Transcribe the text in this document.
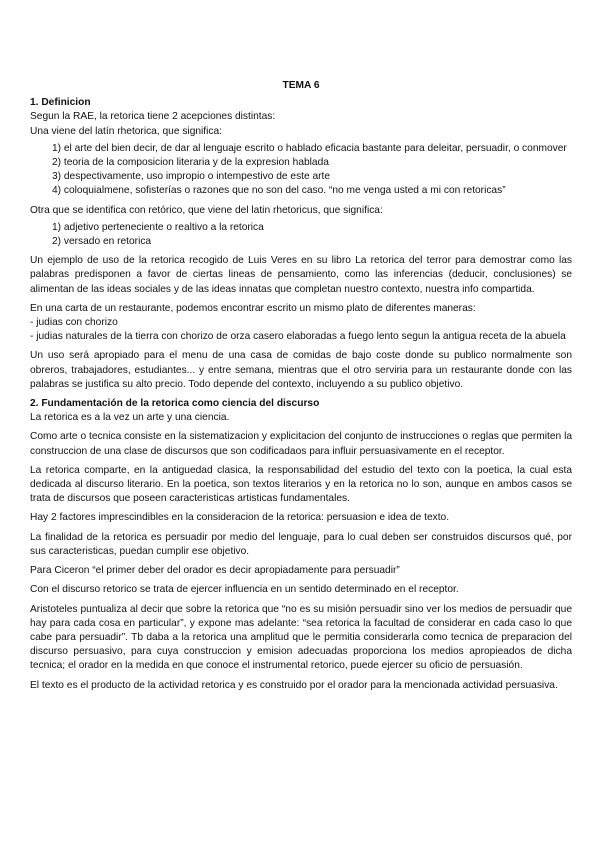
TEMA 6
1. Definicion

Segun la RAE, la retorica tiene 2 acepciones distintas:

Una viene del latín rhetorica, que significa:

1) el arte del bien decir, de dar al lenguaje escrito o hablado eficacia bastante para deleitar, persuadir, o conmover
2) teoria de la composicion literaria y de la expresion hablada
3) despectivamente, uso impropio o intempestivo de este arte
4) coloquialmene, sofisterías o razones que no son del caso. “no me venga usted a mi con retoricas”

Otra que se identifica con retórico, que viene del latin rhetoricus, que significa:

1) adjetivo perteneciente o realtivo a la retorica
2) versado en retorica

Un ejemplo de uso de la retorica recogido de Luis Veres en su libro La retorica del terror para demostrar como las palabras predisponen a favor de ciertas lineas de pensamiento, como las inferencias (deducir, conclusiones) se alimentan de las ideas sociales y de las ideas innatas que completan nuestro contexto, nuestra info compartida.

En una carta de un restaurante, podemos encontrar escrito un mismo plato de diferentes maneras:

- judias con chorizo

- judias naturales de la tierra con chorizo de orza casero elaboradas a fuego lento segun la antigua receta de la abuela

Un uso será apropiado para el menu de una casa de comidas de bajo coste donde su publico normalmente son obreros, trabajadores, estudiantes... y entre semana, mientras que el otro serviria para un restaurante donde con las palabras se justifica su alto precio. Todo depende del contexto, incluyendo a su publico objetivo.

2. Fundamentación de la retorica como ciencia del discurso

La retorica es a la vez un arte y una ciencia.

Como arte o tecnica consiste en la sistematizacion y explicitacion del conjunto de instrucciones o reglas que permiten la construccion de una clase de discursos que son codificadaos para influir persuasivamente en el receptor.

La retorica comparte, en la antiguedad clasica, la responsabilidad del estudio del texto con la poetica, la cual esta dedicada al discurso literario. En la poetica, son textos literarios y en la retorica no lo son, aunque en ambos casos se trata de discursos que poseen caracteristicas artisticas fundamentales.

Hay 2 factores imprescindibles en la consideracion de la retorica: persuasion e idea de texto.

La finalidad de la retorica es persuadir por medio del lenguaje, para lo cual deben ser construidos discursos qué, por sus caracteristicas, puedan cumplir ese objetivo.

Para Ciceron “el primer deber del orador es decir apropiadamente para persuadir”

Con el discurso retorico se trata de ejercer influencia en un sentido determinado en el receptor.

Aristoteles puntualiza al decir que sobre la retorica que “no es su misión persuadir sino ver los medios de persuadir que hay para cada cosa en particular”, y expone mas adelante: “sea retorica la facultad de considerar en cada caso lo que cabe para persuadir”. Tb daba a la retorica una amplitud que le permitia considerarla como tecnica de preparacion del discurso persuasivo, para cuya construccion y emision adecuadas proporciona los medios apropieados de dicha tecnica; el orador en la medida en que conoce el instrumental retorico, puede ejercer su oficio de persuasión.

El texto es el producto de la actividad retorica y es construido por el orador para la mencionada actividad persuasiva.
